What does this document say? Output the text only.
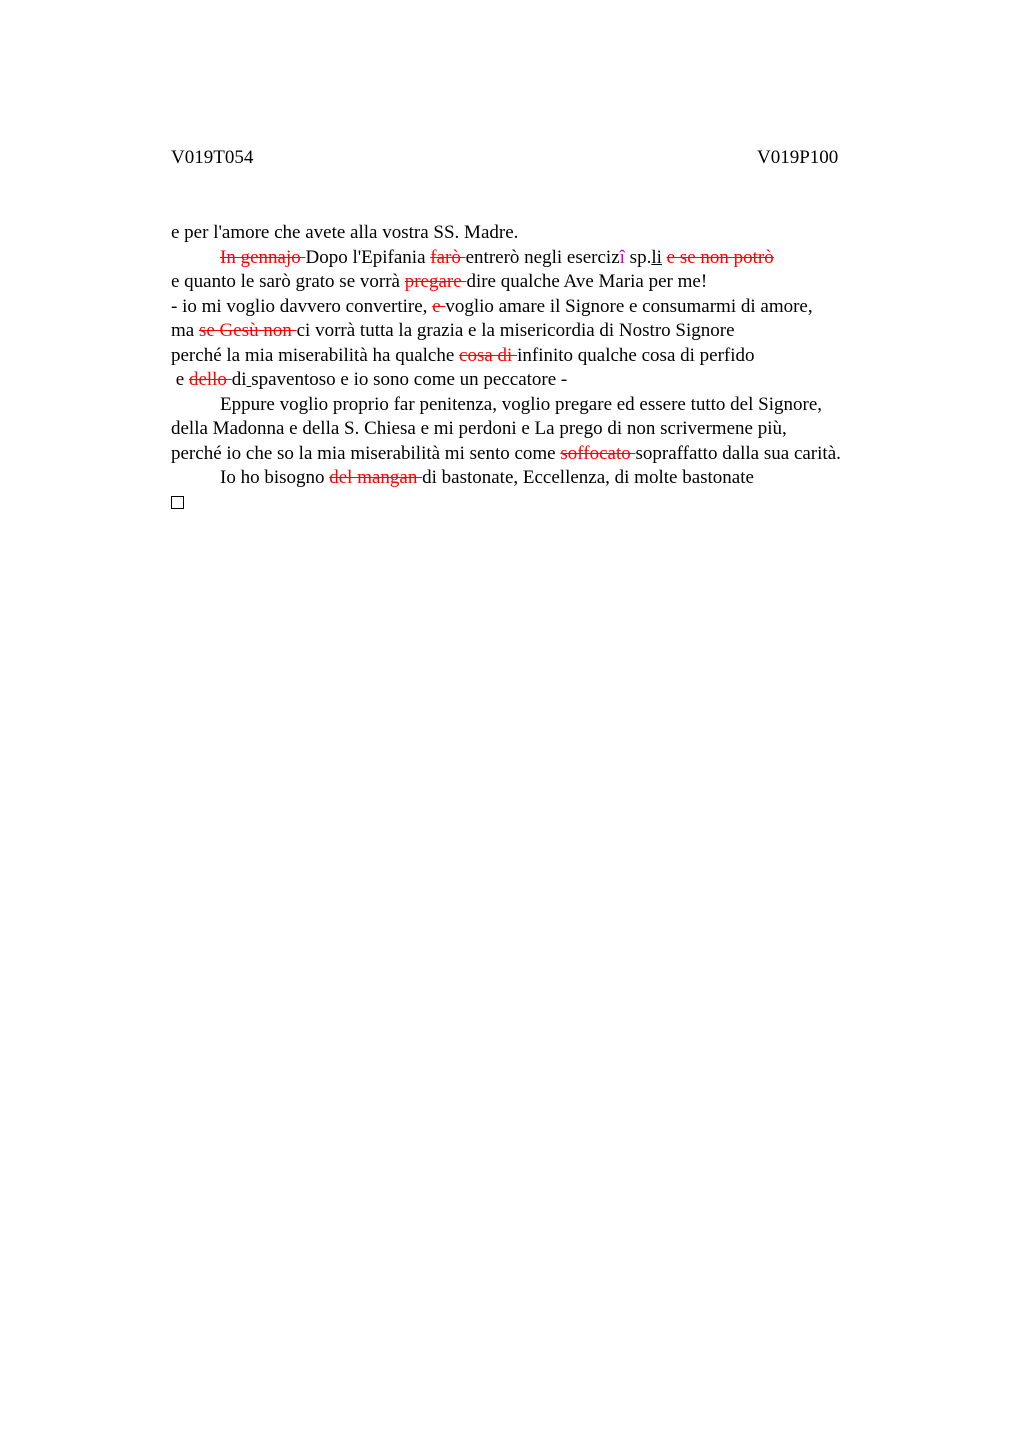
V019T054	V019P100
e per l'amore che avete alla vostra SS. Madre.
In gennajo Dopo l'Epifania farò entrerò negli esercizî sp.li e se non potrò
e quanto le sarò grato se vorrà pregare dire qualche Ave Maria per me!
- io mi voglio davvero convertire, e voglio amare il Signore e consumarmi di amore,
ma se Gesù non ci vorrà tutta la grazia e la misericordia di Nostro Signore
perché la mia miserabilità ha qualche cosa di infinito qualche cosa di perfido
e dello di spaventoso e io sono come un peccatore -
Eppure voglio proprio far penitenza, voglio pregare ed essere tutto del Signore,
della Madonna e della S. Chiesa e mi perdoni e La prego di non scrivermene più,
perché io che so la mia miserabilità mi sento come soffocato sopraffatto dalla sua carità.
Io ho bisogno del mangan di bastonate, Eccellenza, di molte bastonate
